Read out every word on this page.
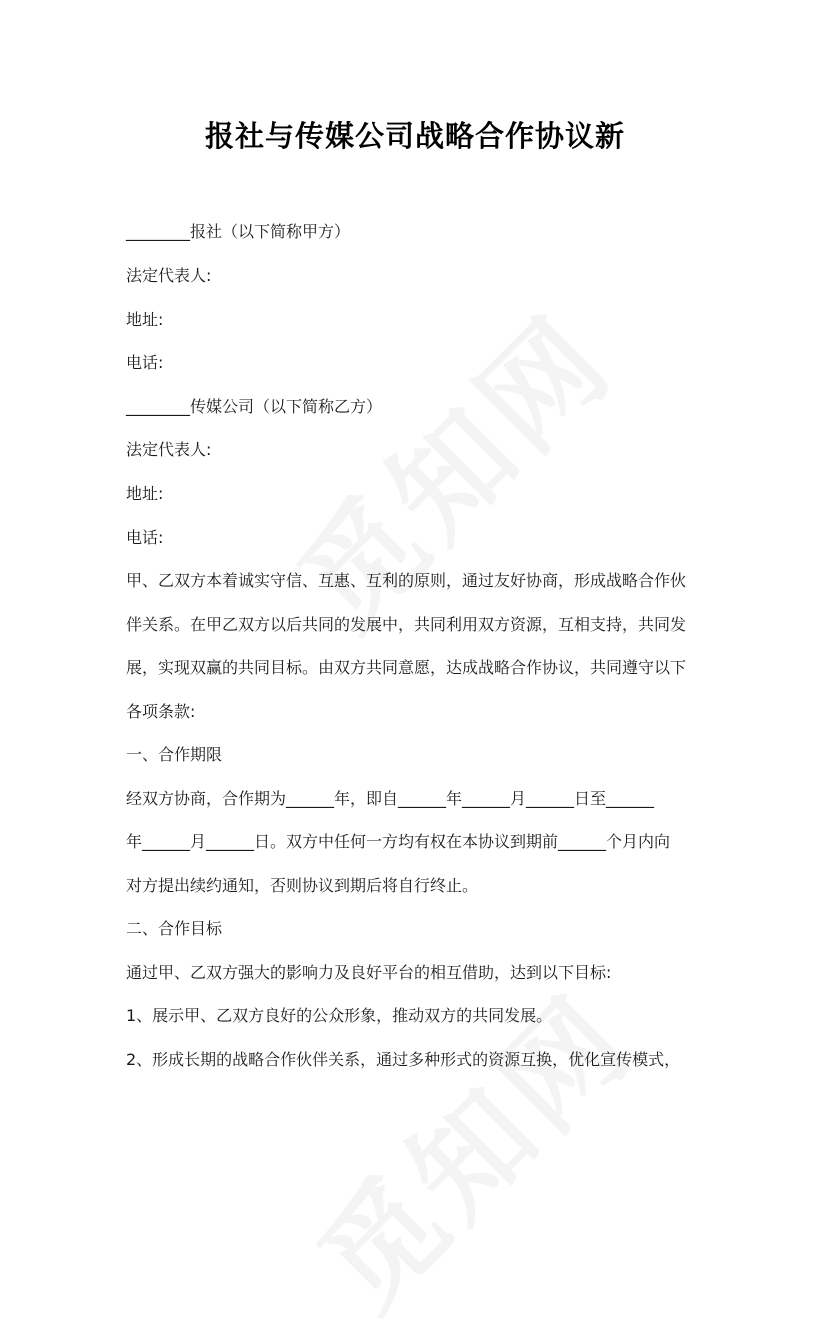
报社与传媒公司战略合作协议新
________报社（以下简称甲方）
法定代表人:
地址:
电话:
________传媒公司（以下简称乙方）
法定代表人:
地址:
电话:
甲、乙双方本着诚实守信、互惠、互利的原则，通过友好协商，形成战略合作伙
伴关系。在甲乙双方以后共同的发展中，共同利用双方资源，互相支持，共同发
展，实现双赢的共同目标。由双方共同意愿，达成战略合作协议，共同遵守以下
各项条款:
一、合作期限
经双方协商，合作期为______年，即自______年______月______日至______
年______月______日。双方中任何一方均有权在本协议到期前______个月内向
对方提出续约通知，否则协议到期后将自行终止。
二、合作目标
通过甲、乙双方强大的影响力及良好平台的相互借助，达到以下目标:
1、展示甲、乙双方良好的公众形象，推动双方的共同发展。
2、形成长期的战略合作伙伴关系，通过多种形式的资源互换，优化宣传模式，
